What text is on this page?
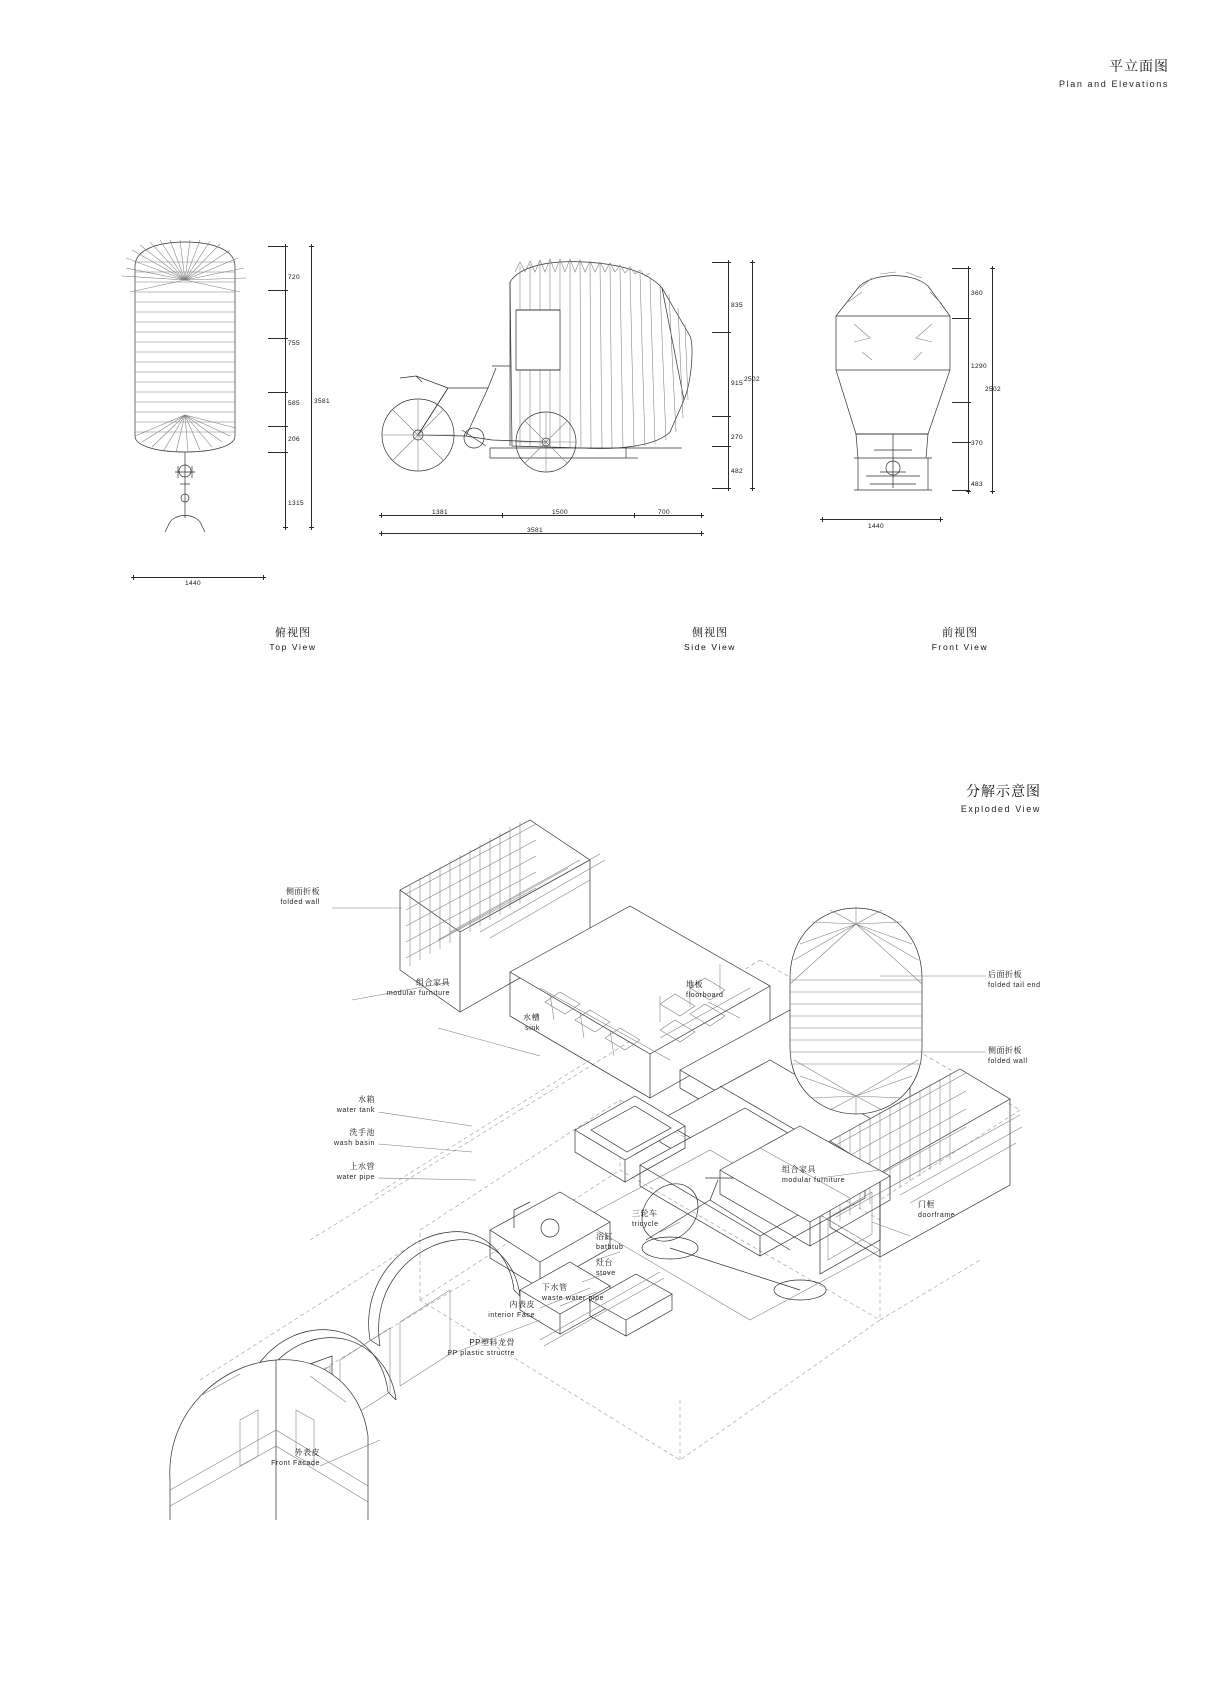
平立面图
Plan and Elevations
720
755
585
206
1315
3581
1440
俯视图
Top View
835
915
270
482
2502
1381	1500	700
3581
侧视图
Side View
360
1290
370
483
2502
1440
前视图
Front View
分解示意图
Exploded View
侧面折板
folded wall
组合家具
modular furniture
水槽
sink
水箱
water tank
洗手池
wash basin
上水管
water pipe
内表皮
interior Face
PP塑料龙骨
PP plastic structre
外表皮
Front Facade
地板
floorboard
三轮车
tricycle
浴缸
bathtub
灶台
stove
下水管
waste water pipe
后面折板
folded tail end
侧面折板
folded wall
组合家具
modular furniture
门框
doorframe
